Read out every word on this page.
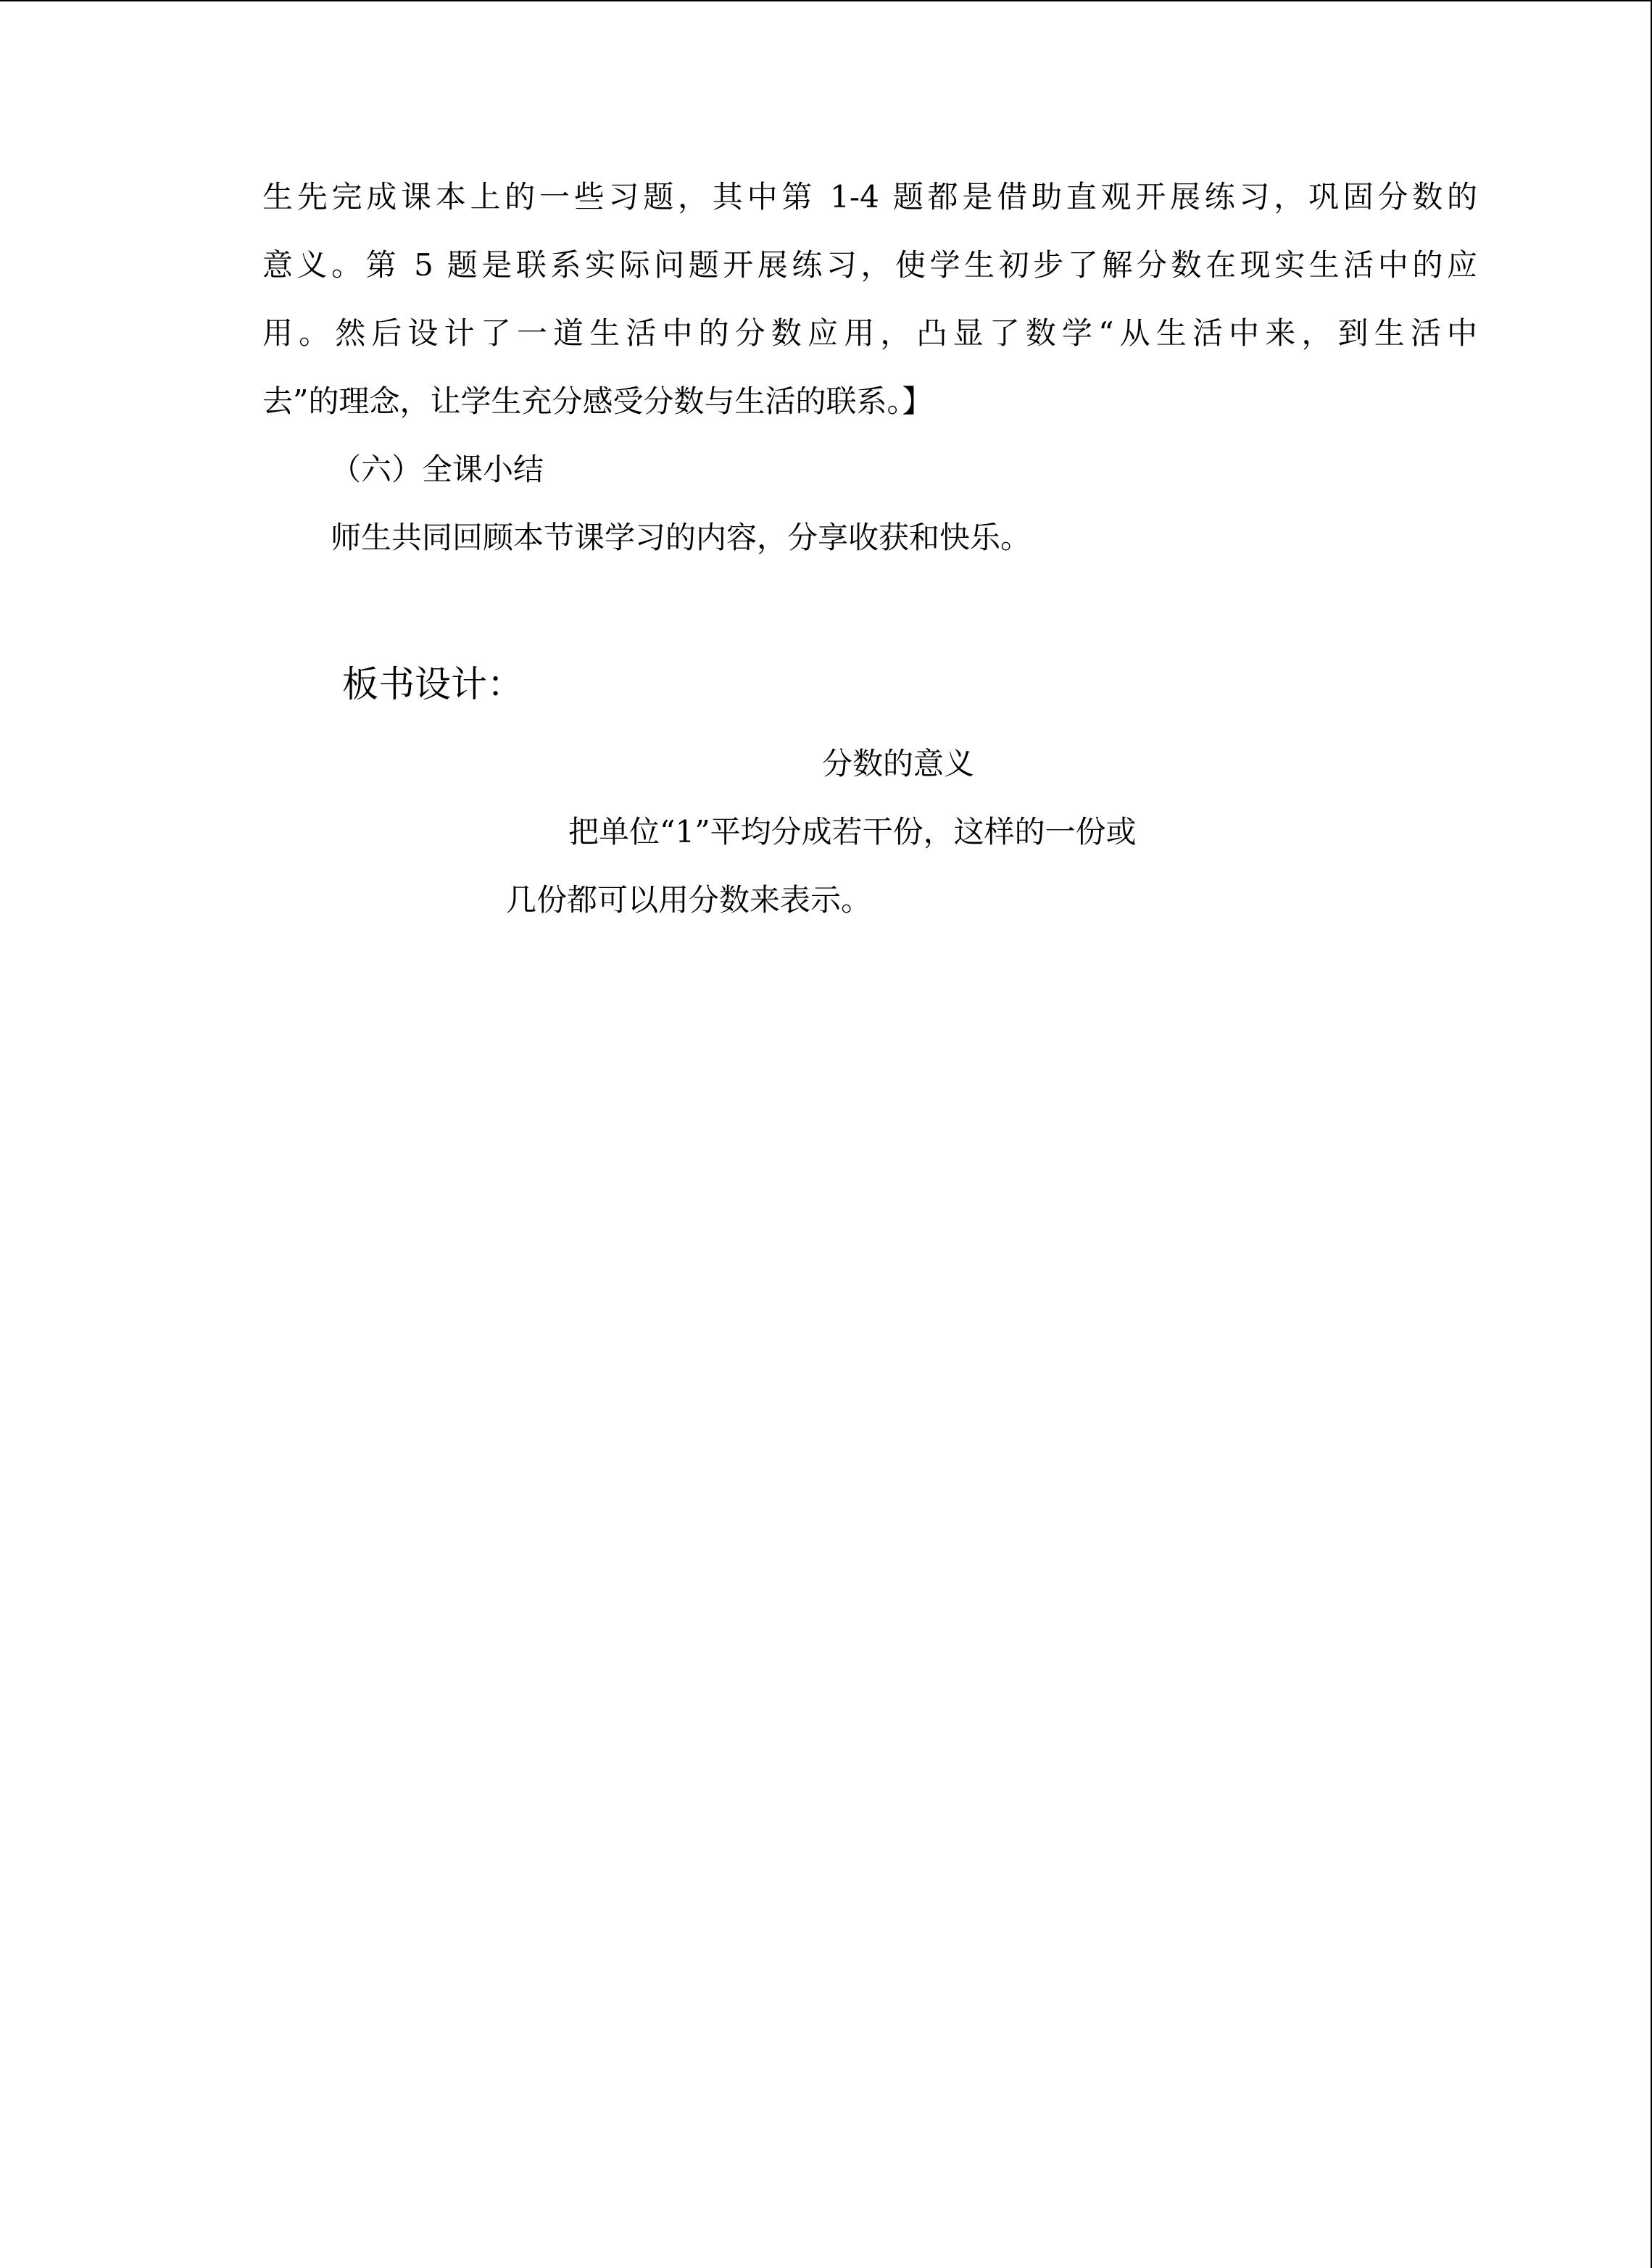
生先完成课本上的一些习题，其中第 1-4 题都是借助直观开展练习，巩固分数的
意义。第 5 题是联系实际问题开展练习，使学生初步了解分数在现实生活中的应
用。然后设计了一道生活中的分数应用，凸显了数学“从生活中来，到生活中
去”的理念，让学生充分感受分数与生活的联系。】
（六）全课小结
师生共同回顾本节课学习的内容，分享收获和快乐。
板书设计：
分数的意义
把单位“1”平均分成若干份，这样的一份或
几份都可以用分数来表示。
